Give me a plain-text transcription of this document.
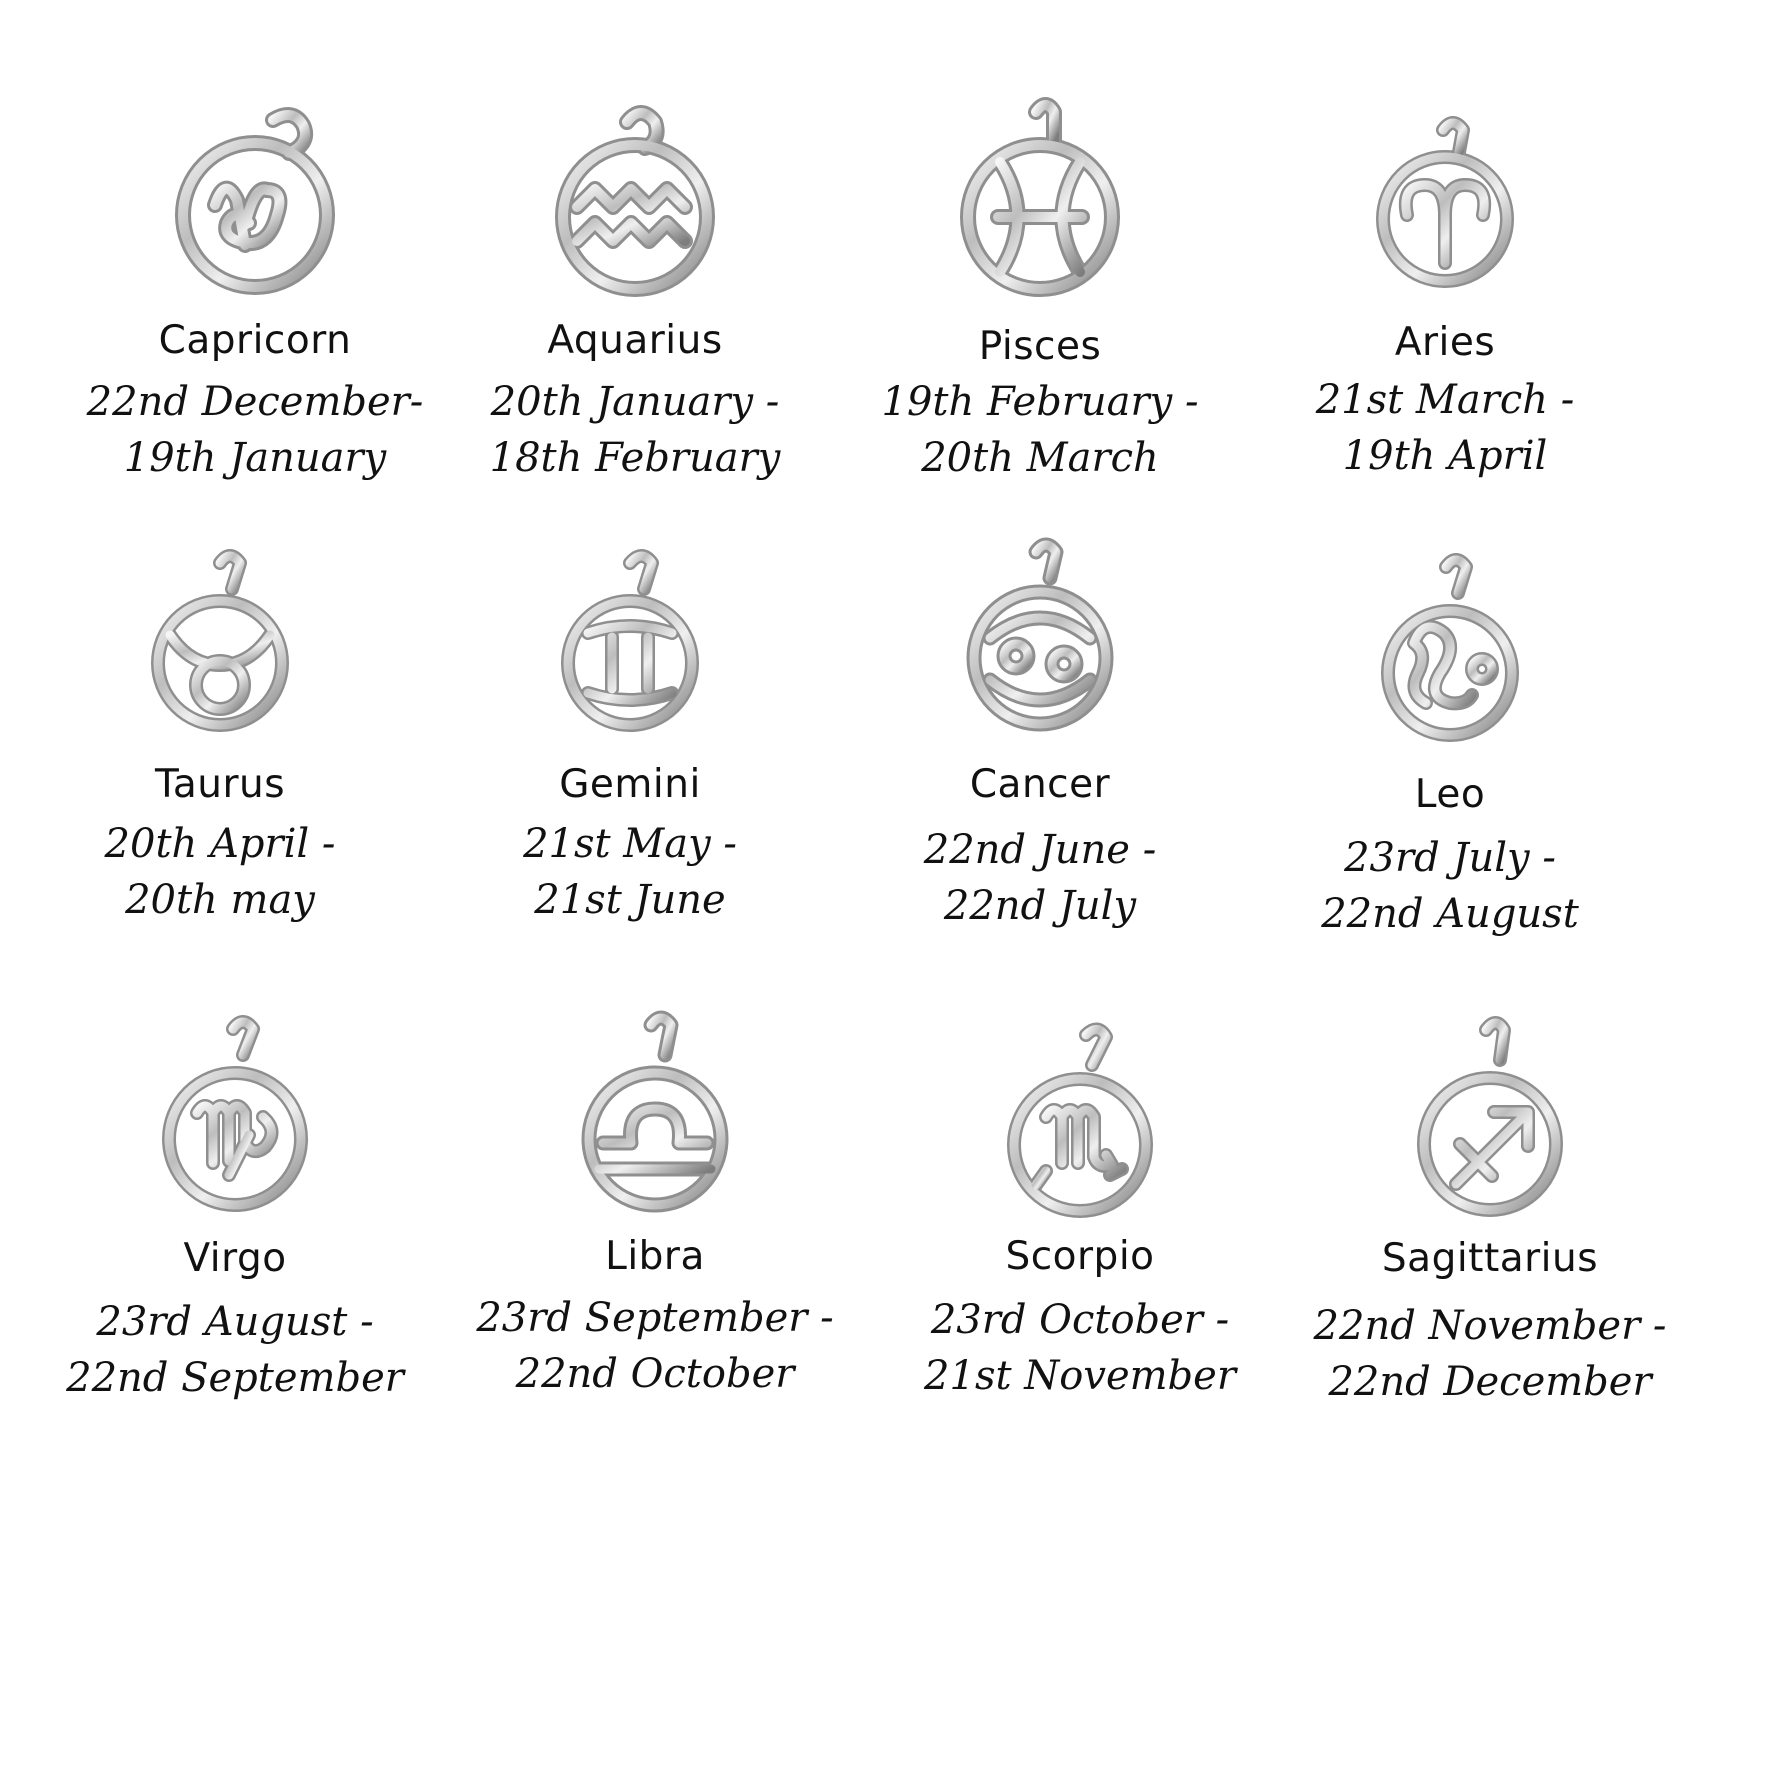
Capricorn
22nd December-
19th January
Aquarius
20th January -
18th February
Pisces
19th February -
20th March
Aries
21st March -
19th April
Taurus
20th April -
20th may
Gemini
21st May -
21st June
Cancer
22nd June -
22nd July
Leo
23rd July -
22nd August
Virgo
23rd August -
22nd September
Libra
23rd September -
22nd October
Scorpio
23rd October -
21st November
Sagittarius
22nd November -
22nd December
